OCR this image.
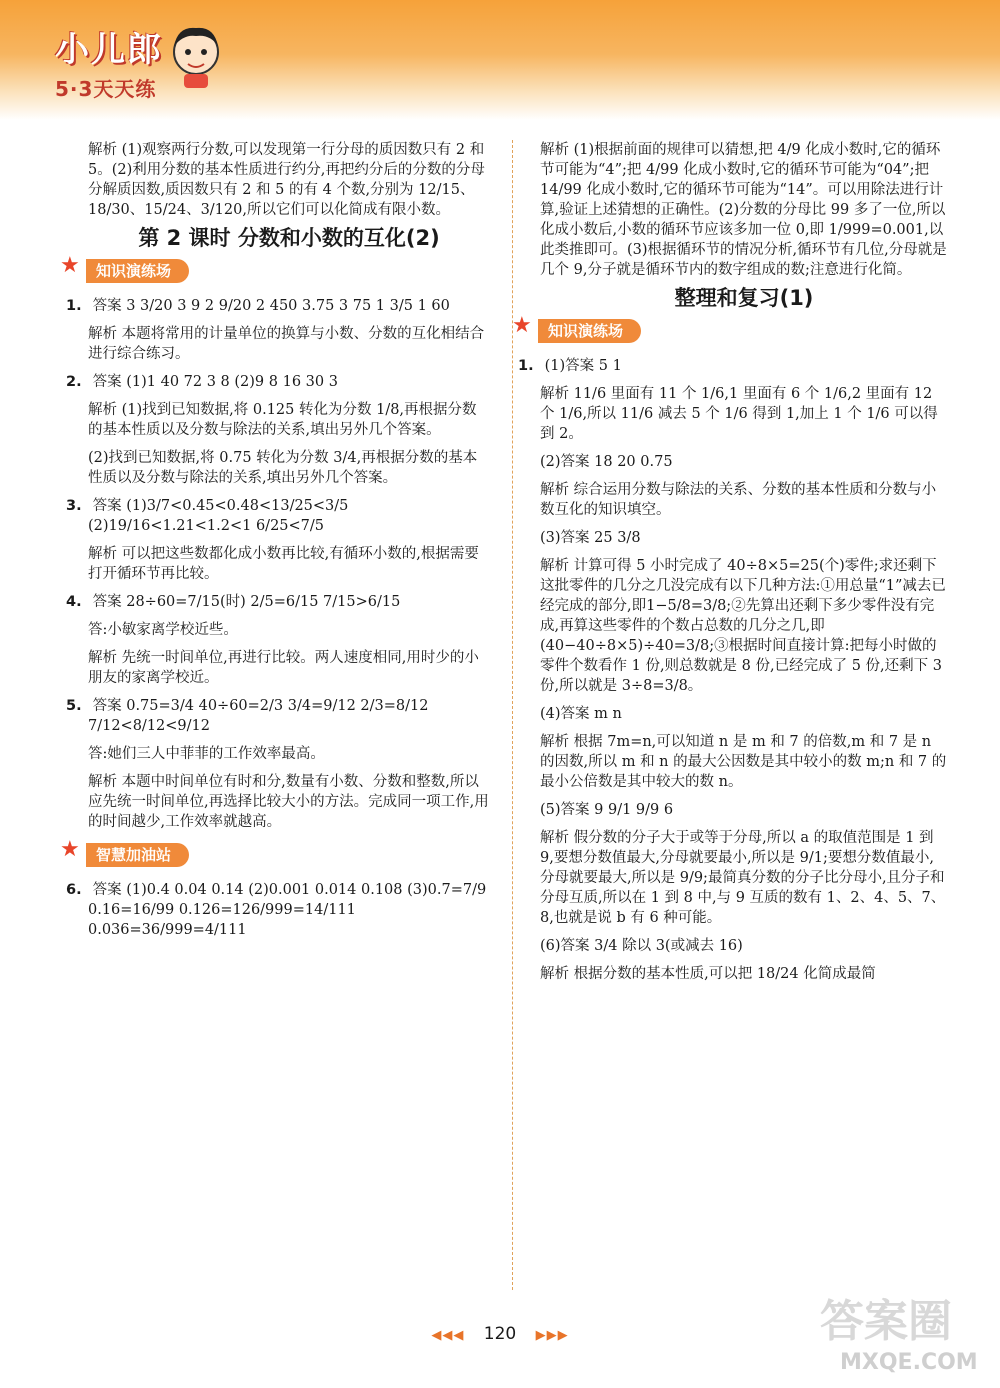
小儿郎
5·3天天练
解析 (1)观察两行分数,可以发现第一行分母的质因数只有 2 和 5。(2)利用分数的基本性质进行约分,再把约分后的分数的分母分解质因数,质因数只有 2 和 5 的有 4 个数,分别为 12/15、18/30、15/24、3/120,所以它们可以化简成有限小数。
第 2 课时 分数和小数的互化(2)
★	知识演练场
1. 答案 3 3/20 3 9 2 9/20 2 450 3.75 3 75 1 3/5 1 60
解析 本题将常用的计量单位的换算与小数、分数的互化相结合进行综合练习。
2. 答案 (1)1 40 72 3 8 (2)9 8 16 30 3
解析 (1)找到已知数据,将 0.125 转化为分数 1/8,再根据分数的基本性质以及分数与除法的关系,填出另外几个答案。
(2)找到已知数据,将 0.75 转化为分数 3/4,再根据分数的基本性质以及分数与除法的关系,填出另外几个答案。
3. 答案 (1)3/7<0.45<0.48<13/25<3/5 (2)19/16<1.21<1.2<1 6/25<7/5
解析 可以把这些数都化成小数再比较,有循环小数的,根据需要打开循环节再比较。
4. 答案 28÷60=7/15(时) 2/5=6/15 7/15>6/15
答:小敏家离学校近些。
解析 先统一时间单位,再进行比较。两人速度相同,用时少的小朋友的家离学校近。
5. 答案 0.75=3/4 40÷60=2/3 3/4=9/12 2/3=8/12 7/12<8/12<9/12
答:她们三人中菲菲的工作效率最高。
解析 本题中时间单位有时和分,数量有小数、分数和整数,所以应先统一时间单位,再选择比较大小的方法。完成同一项工作,用的时间越少,工作效率就越高。
★	智慧加油站
6. 答案 (1)0.4 0.04 0.14 (2)0.001 0.014 0.108 (3)0.7=7/9 0.16=16/99 0.126=126/999=14/111 0.036=36/999=4/111
解析 (1)根据前面的规律可以猜想,把 4/9 化成小数时,它的循环节可能为“4”;把 4/99 化成小数时,它的循环节可能为“04”;把 14/99 化成小数时,它的循环节可能为“14”。可以用除法进行计算,验证上述猜想的正确性。(2)分数的分母比 99 多了一位,所以化成小数后,小数的循环节应该多加一位 0,即 1/999=0.001,以此类推即可。(3)根据循环节的情况分析,循环节有几位,分母就是几个 9,分子就是循环节内的数字组成的数;注意进行化简。
整理和复习(1)
★	知识演练场
1. (1)答案 5 1
解析 11/6 里面有 11 个 1/6,1 里面有 6 个 1/6,2 里面有 12 个 1/6,所以 11/6 减去 5 个 1/6 得到 1,加上 1 个 1/6 可以得到 2。
(2)答案 18 20 0.75
解析 综合运用分数与除法的关系、分数的基本性质和分数与小数互化的知识填空。
(3)答案 25 3/8
解析 计算可得 5 小时完成了 40÷8×5=25(个)零件;求还剩下这批零件的几分之几没完成有以下几种方法:①用总量“1”减去已经完成的部分,即1−5/8=3/8;②先算出还剩下多少零件没有完成,再算这些零件的个数占总数的几分之几,即(40−40÷8×5)÷40=3/8;③根据时间直接计算:把每小时做的零件个数看作 1 份,则总数就是 8 份,已经完成了 5 份,还剩下 3 份,所以就是 3÷8=3/8。
(4)答案 m n
解析 根据 7m=n,可以知道 n 是 m 和 7 的倍数,m 和 7 是 n 的因数,所以 m 和 n 的最大公因数是其中较小的数 m;n 和 7 的最小公倍数是其中较大的数 n。
(5)答案 9 9/1 9/9 6
解析 假分数的分子大于或等于分母,所以 a 的取值范围是 1 到 9,要想分数值最大,分母就要最小,所以是 9/1;要想分数值最小,分母就要最大,所以是 9/9;最简真分数的分子比分母小,且分子和分母互质,所以在 1 到 8 中,与 9 互质的数有 1、2、4、5、7、8,也就是说 b 有 6 种可能。
(6)答案 3/4 除以 3(或减去 16)
解析 根据分数的基本性质,可以把 18/24 化简成最简
◀◀◀ 120 ▶▶▶	答案圈
MXQE.COM
